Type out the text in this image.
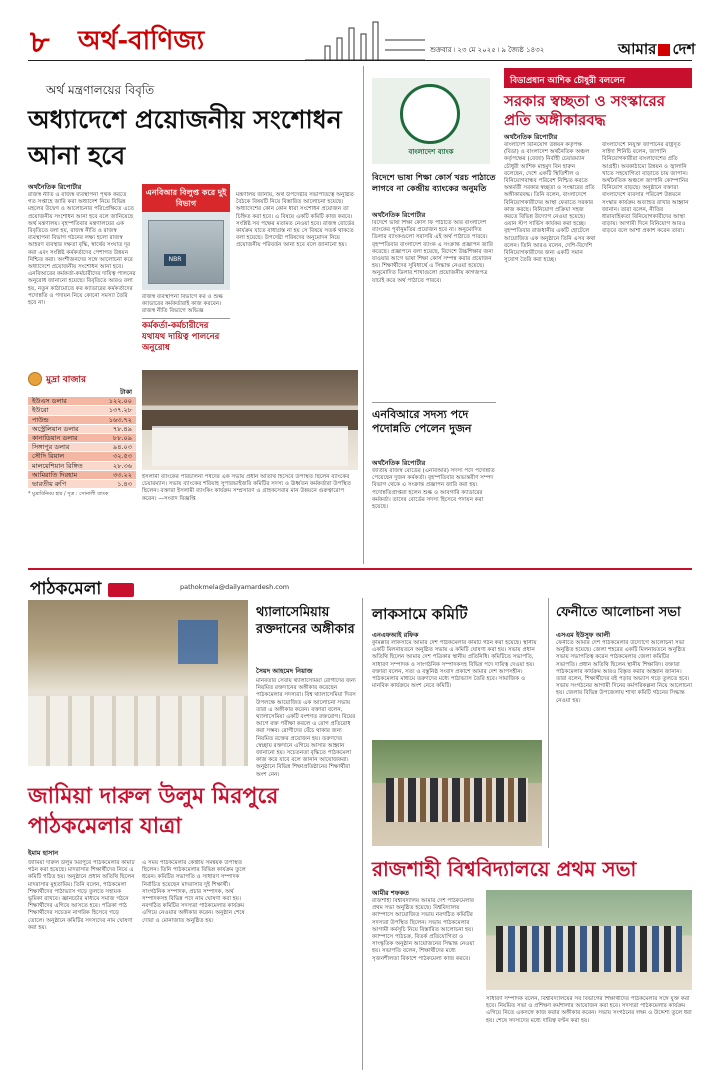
৮ অর্থ-বাণিজ্য	শুক্রবার ৷ ২৩ মে ২০২৫ ৷ ৯ জ্যৈষ্ঠ ১৪৩২	আমার দেশ
অর্থ মন্ত্রণালয়ের বিবৃতি
অধ্যাদেশে প্রয়োজনীয় সংশোধন আনা হবে
অর্থনৈতিক রিপোর্টার
রাজস্ব নীতি ও রাজস্ব ব্যবস্থাপনা পৃথক করতে গত সপ্তাহে জারি করা অধ্যাদেশ নিয়ে বিভিন্ন মহলের উদ্বেগ ও আলোচনার পরিপ্রেক্ষিতে এতে প্রয়োজনীয় সংশোধন আনা হবে বলে জানিয়েছে অর্থ মন্ত্রণালয়। বৃহস্পতিবার মন্ত্রণালয়ের এক বিবৃতিতে বলা হয়, রাজস্ব নীতি ও রাজস্ব ব্যবস্থাপনা বিভাগ গঠনের লক্ষ্য হলো রাজস্ব আহরণ ব্যবস্থার দক্ষতা বৃদ্ধি, স্বার্থের সংঘাত দূর করা এবং সংশ্লিষ্ট কর্মকর্তাদের পেশাগত উন্নয়ন নিশ্চিত করা। অংশীজনদের সঙ্গে আলোচনা করে অধ্যাদেশে প্রয়োজনীয় সংশোধন আনা হবে। এনবিআরের কর্মকর্তা-কর্মচারীদের দায়িত্ব পালনের অনুরোধ জানানো হয়েছে। বিবৃতিতে আরও বলা হয়, নতুন কাঠামোতে কর ক্যাডারের কর্মকর্তাদের পদোন্নতি ও পদায়ন নিয়ে কোনো সমস্যা তৈরি হবে না।
এনবিআর বিলুপ্ত করে দুই বিভাগ
NBR
রাজস্ব ব্যবস্থাপনা বিভাগে কর ও শুল্ক ক্যাডারের কর্মকর্তারাই কাজ করবেন। রাজস্ব নীতি বিভাগে অভিজ্ঞ
কর্মকর্তা-কর্মচারীদের যথাযথ দায়িত্ব পালনের অনুরোধ
মন্ত্রণালয় জানায়, অর্থ উপদেষ্টার সভাপতিত্বে অনুষ্ঠিত বৈঠকে বিষয়টি নিয়ে বিস্তারিত আলোচনা হয়েছে। অধ্যাদেশের কোন কোন ধারা সংশোধন প্রয়োজন তা চিহ্নিত করা হবে। এ বিষয়ে একটি কমিটি কাজ করবে। সংশ্লিষ্ট সব পক্ষের মতামত নেওয়া হবে। রাজস্ব বোর্ডের কার্যক্রম যাতে বাধাগ্রস্ত না হয় সে বিষয়ে সতর্ক থাকতে বলা হয়েছে। উপদেষ্টা পরিষদের অনুমোদন নিয়ে প্রয়োজনীয় পরিবর্তন আনা হবে বলে জানানো হয়।
মুদ্রা বাজার
টাকা
ইউএস ডলার	১২২.০০
ইউরো	১৩৭.২৮
পাউন্ড	১৬৩.৭২
অস্ট্রেলিয়ান ডলার	৭৮.৪৯
কানাডিয়ান ডলার	৮৮.০৯
সিঙ্গাপুর ডলার	৯৪.০৩
সৌদি রিয়াল	৩২.৫৩
মালয়েশিয়ান রিঙ্গিত	২৮.৩৬
আমিরাতি দিরহাম	৩৩.২২
ভারতীয় রুপি	১.৪৩
* মুদ্রাবিনিময় হার / সূত্র : সোনালী ব্যাংক
ইসলামী ব্যাংকের পরিচালনা পর্ষদের এক সভায় প্রধান অতিথি হিসেবে উপস্থিত ছিলেন ব্যাংকের চেয়ারম্যান। সভায় ব্যাংকের শরিয়াহ সুপারভাইজরি কমিটির সদস্য ও ঊর্ধ্বতন কর্মকর্তারা উপস্থিত ছিলেন। বক্তারা ইসলামী ব্যাংকিং কার্যক্রম সম্প্রসারণ ও গ্রাহকসেবার মান উন্নয়নে গুরুত্বারোপ করেন। —সংবাদ বিজ্ঞপ্তি
বিডাপ্রধান আশিক চৌধুরী বললেন
বাংলাদেশ ব্যাংক
সরকার স্বচ্ছতা ও সংস্কারের প্রতি অঙ্গীকারবদ্ধ
বিদেশে ভাষা শিক্ষা কোর্স খরচ পাঠাতে লাগবে না কেন্দ্রীয় ব্যাংকের অনুমতি
অর্থনৈতিক রিপোর্টার
বিদেশে ভাষা শিক্ষা কোর্স ফি পাঠাতে আর বাংলাদেশ ব্যাংকের পূর্বানুমতির প্রয়োজন হবে না। অনুমোদিত ডিলার ব্যাংকগুলো সরাসরি এই অর্থ পাঠাতে পারবে। বৃহস্পতিবার বাংলাদেশ ব্যাংক এ সংক্রান্ত প্রজ্ঞাপন জারি করেছে। প্রজ্ঞাপনে বলা হয়েছে, বিদেশে উচ্চশিক্ষার জন্য যাওয়ার আগে ভাষা শিক্ষা কোর্স সম্পন্ন করার প্রয়োজন হয়। শিক্ষার্থীদের সুবিধার্থে এ সিদ্ধান্ত নেওয়া হয়েছে। অনুমোদিত ডিলার শাখাগুলো প্রয়োজনীয় কাগজপত্র যাচাই করে অর্থ পাঠাতে পারবে।
অর্থনৈতিক রিপোর্টার
বাংলাদেশ বিনিয়োগ উন্নয়ন কর্তৃপক্ষ (বিডা) ও বাংলাদেশ অর্থনৈতিক অঞ্চল কর্তৃপক্ষের (বেজা) নির্বাহী চেয়ারম্যান চৌধুরী আশিক মাহমুদ বিন হারুন বলেছেন, দেশে একটি স্থিতিশীল ও বিনিয়োগবান্ধব পরিবেশ নিশ্চিত করতে অন্তর্বর্তী সরকার স্বচ্ছতা ও সংস্কারের প্রতি অঙ্গীকারবদ্ধ। তিনি বলেন, বাংলাদেশে বিনিয়োগকারীদের আস্থা ফেরাতে সরকার কাজ করছে। বিনিয়োগ প্রক্রিয়া সহজ করতে বিভিন্ন উদ্যোগ নেওয়া হয়েছে। ওয়ান স্টপ সার্ভিস কার্যকর করা হচ্ছে। বৃহস্পতিবার রাজধানীর একটি হোটেলে আয়োজিত এক অনুষ্ঠানে তিনি এসব কথা বলেন। তিনি আরও বলেন, দেশি-বিদেশি বিনিয়োগকারীদের জন্য একটি সমান সুযোগ তৈরি করা হচ্ছে।
বাংলাদেশে নিযুক্ত জাপানের রাষ্ট্রদূত সাইদা শিনিচি বলেন, জাপানি বিনিয়োগকারীরা বাংলাদেশের প্রতি আগ্রহী। অবকাঠামো উন্নয়ন ও জ্বালানি খাতে সহযোগিতা বাড়াতে চায় জাপান। অর্থনৈতিক অঞ্চলে জাপানি কোম্পানির বিনিয়োগ বাড়ছে। অনুষ্ঠানে বক্তারা বাংলাদেশে ব্যবসার পরিবেশ উন্নয়নে সংস্কার কার্যক্রম অব্যাহত রাখার আহ্বান জানান। তারা বলেন, নীতির ধারাবাহিকতা বিনিয়োগকারীদের আস্থা বাড়ায়। আগামী দিনে বিনিয়োগ আরও বাড়বে বলে আশা প্রকাশ করেন তারা।
এনবিআরে সদস্য পদে পদোন্নতি পেলেন দুজন
অর্থনৈতিক রিপোর্টার
জাতীয় রাজস্ব বোর্ডের (এনবিআর) সদস্য পদে পদোন্নতি পেয়েছেন দুজন কর্মকর্তা। বৃহস্পতিবার অভ্যন্তরীণ সম্পদ বিভাগ থেকে এ সংক্রান্ত প্রজ্ঞাপন জারি করা হয়। পদোন্নতিপ্রাপ্তরা হলেন শুল্ক ও আবগারি ক্যাডারের কর্মকর্তা। তাদের বোর্ডের সদস্য হিসেবে পদায়ন করা হয়েছে।
পাঠকমেলা	pathokmela@dailyamardesh.com
জামিয়া দারুল উলুম মিরপুরে পাঠকমেলার যাত্রা
ইমাম হাসান
জামিয়া দারুল উলুম মিরপুরে পাঠকমেলার কমিটি গঠন করা হয়েছে। মাদরাসার শিক্ষার্থীদের নিয়ে এ কমিটি গঠিত হয়। অনুষ্ঠানে প্রধান অতিথি ছিলেন মাদরাসার মুহতামিম। তিনি বলেন, পাঠকমেলা শিক্ষার্থীদের পাঠাভ্যাস গড়ে তুলতে সহায়ক ভূমিকা রাখবে। জ্ঞানচর্চার মাধ্যমে সমাজ গঠনে শিক্ষার্থীদের এগিয়ে আসতে হবে। পত্রিকা পাঠ শিক্ষার্থীদের সচেতন নাগরিক হিসেবে গড়ে তোলে। অনুষ্ঠানে কমিটির সদস্যদের নাম ঘোষণা করা হয়।
এ সময় পাঠকমেলার কেন্দ্রীয় সমন্বয়ক উপস্থিত ছিলেন। তিনি পাঠকমেলার বিভিন্ন কার্যক্রম তুলে ধরেন। কমিটির সভাপতি ও সাধারণ সম্পাদক নির্বাচিত হয়েছেন মাদরাসার দুই শিক্ষার্থী। সাংগঠনিক সম্পাদক, প্রচার সম্পাদক, অর্থ সম্পাদকসহ বিভিন্ন পদে নাম ঘোষণা করা হয়। নবগঠিত কমিটির সদস্যরা পাঠকমেলার কার্যক্রম এগিয়ে নেওয়ার অঙ্গীকার করেন। অনুষ্ঠান শেষে দোয়া ও মোনাজাত অনুষ্ঠিত হয়।
থ্যালাসেমিয়ায় রক্তদানের অঙ্গীকার
সৈয়দ আহমেদ নিয়াজ
মানবতার সেবায় থ্যালাসেমিয়া রোগীদের জন্য নিয়মিত রক্তদানের অঙ্গীকার করেছেন পাঠকমেলার সদস্যরা। বিশ্ব থ্যালাসেমিয়া দিবস উপলক্ষে আয়োজিত এক আলোচনা সভায় তারা এ অঙ্গীকার করেন। বক্তারা বলেন, থ্যালাসেমিয়া একটি বংশগত রক্তরোগ। বিয়ের আগে রক্ত পরীক্ষা করলে এ রোগ প্রতিরোধ করা সম্ভব। রোগীদের বেঁচে থাকার জন্য নিয়মিত রক্তের প্রয়োজন হয়। তরুণদের স্বেচ্ছায় রক্তদানে এগিয়ে আসার আহ্বান জানানো হয়। সচেতনতা বৃদ্ধিতে পাঠকমেলা কাজ করে যাবে বলে জানান আয়োজকরা। অনুষ্ঠানে বিভিন্ন শিক্ষাপ্রতিষ্ঠানের শিক্ষার্থীরা অংশ নেন।
লাকসামে কমিটি
এনএফআই রফিক
কুমিল্লার লাকসামে আমার দেশ পাঠকমেলার কমিটি গঠন করা হয়েছে। স্থানীয় একটি মিলনায়তনে অনুষ্ঠিত সভায় এ কমিটি ঘোষণা করা হয়। সভায় প্রধান অতিথি ছিলেন আমার দেশ পত্রিকার স্থানীয় প্রতিনিধি। কমিটিতে সভাপতি, সাধারণ সম্পাদক ও সাংগঠনিক সম্পাদকসহ বিভিন্ন পদে দায়িত্ব দেওয়া হয়। বক্তারা বলেন, সত্য ও বস্তুনিষ্ঠ সংবাদ প্রকাশে আমার দেশ আপসহীন। পাঠকমেলার মাধ্যমে তরুণদের মধ্যে পাঠাভ্যাস তৈরি হবে। সামাজিক ও মানবিক কার্যক্রমে অংশ নেবে কমিটি।
ফেনীতে আলোচনা সভা
এসএম ইউসুফ আলী
ফেনীতে আমার দেশ পাঠকমেলার উদ্যোগে আলোচনা সভা অনুষ্ঠিত হয়েছে। জেলা শহরের একটি মিলনায়তনে অনুষ্ঠিত সভায় সভাপতিত্ব করেন পাঠকমেলার জেলা কমিটির সভাপতি। প্রধান অতিথি ছিলেন স্থানীয় শিক্ষাবিদ। বক্তারা পাঠকমেলার কার্যক্রম আরও বিস্তৃত করার আহ্বান জানান। তারা বলেন, শিক্ষার্থীদের বই পড়ার অভ্যাস গড়ে তুলতে হবে। সভায় সংগঠনের আগামী দিনের কর্মপরিকল্পনা নিয়ে আলোচনা হয়। জেলার বিভিন্ন উপজেলায় শাখা কমিটি গঠনের সিদ্ধান্ত নেওয়া হয়।
রাজশাহী বিশ্ববিদ্যালয়ে প্রথম সভা
আমীর শফকত
রাজশাহী বিশ্ববিদ্যালয় আমার দেশ পাঠকমেলার প্রথম সভা অনুষ্ঠিত হয়েছে। বিশ্ববিদ্যালয় ক্যাম্পাসে আয়োজিত সভায় নবগঠিত কমিটির সদস্যরা উপস্থিত ছিলেন। সভায় পাঠকমেলার আগামী কর্মসূচি নিয়ে বিস্তারিত আলোচনা হয়। ক্যাম্পাসে পাঠচক্র, বিতর্ক প্রতিযোগিতা ও সাংস্কৃতিক অনুষ্ঠান আয়োজনের সিদ্ধান্ত নেওয়া হয়। সভাপতি বলেন, শিক্ষার্থীদের মধ্যে সৃজনশীলতা বিকাশে পাঠকমেলা কাজ করবে।
সাধারণ সম্পাদক বলেন, বিশ্ববিদ্যালয়ের সব বিভাগের শিক্ষার্থীদের পাঠকমেলার সঙ্গে যুক্ত করা হবে। নিয়মিত সভা ও প্রশিক্ষণ কর্মশালার আয়োজন করা হবে। সদস্যরা পাঠকমেলার কার্যক্রম এগিয়ে নিতে একসঙ্গে কাজ করার অঙ্গীকার করেন। সভায় সংগঠনের লক্ষ্য ও উদ্দেশ্য তুলে ধরা হয়। শেষে সদস্যদের মধ্যে দায়িত্ব বণ্টন করা হয়।
